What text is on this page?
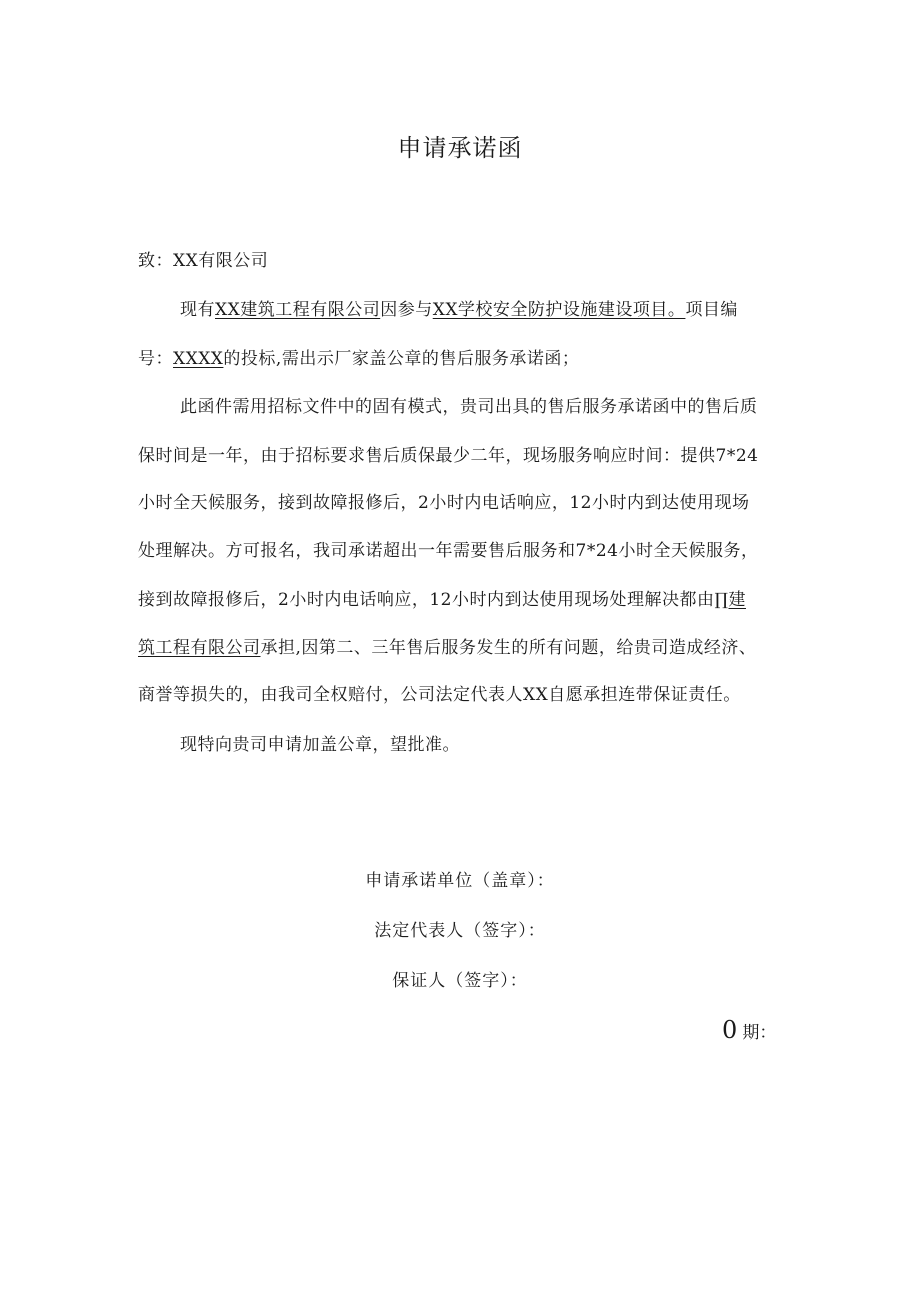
申请承诺函
致：XX有限公司
现有XX建筑工程有限公司因参与XX学校安全防护设施建设项目。项目编
号：XXXX的投标,需出示厂家盖公章的售后服务承诺函；
此函件需用招标文件中的固有模式，贵司出具的售后服务承诺函中的售后质
保时间是一年，由于招标要求售后质保最少二年，现场服务响应时间：提供7*24
小时全天候服务，接到故障报修后，2小时内电话响应，12小时内到达使用现场
处理解决。方可报名，我司承诺超出一年需要售后服务和7*24小时全天候服务，
接到故障报修后，2小时内电话响应，12小时内到达使用现场处理解决都由∏建
筑工程有限公司承担,因第二、三年售后服务发生的所有问题，给贵司造成经济、
商誉等损失的，由我司全权赔付，公司法定代表人XX自愿承担连带保证责任。
现特向贵司申请加盖公章，望批准。
申请承诺单位（盖章）：
法定代表人（签字）：
保证人（签字）：
0 期：
